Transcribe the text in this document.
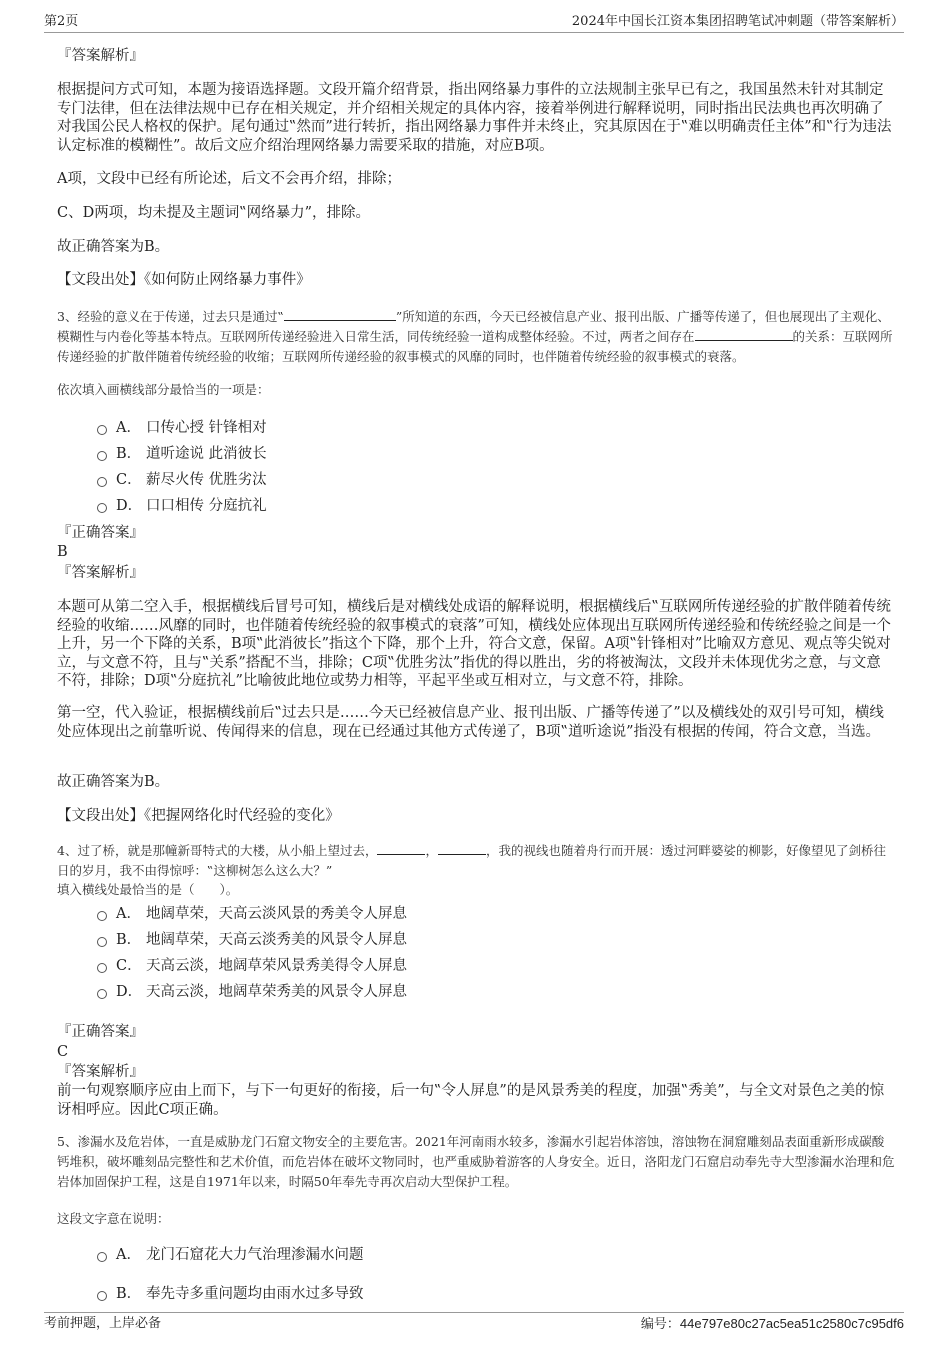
第2页	2024年中国长江资本集团招聘笔试冲刺题（带答案解析）
『答案解析』
根据提问方式可知，本题为接语选择题。文段开篇介绍背景，指出网络暴力事件的立法规制主张早已有之，我国虽然未针对其制定专门法律，但在法律法规中已存在相关规定，并介绍相关规定的具体内容，接着举例进行解释说明，同时指出民法典也再次明确了对我国公民人格权的保护。尾句通过‟然而”进行转折，指出网络暴力事件并未终止，究其原因在于‟难以明确责任主体”和‟行为违法认定标准的模糊性”。故后文应介绍治理网络暴力需要采取的措施，对应B项。
A项，文段中已经有所论述，后文不会再介绍，排除；
C、D两项，均未提及主题词‟网络暴力”，排除。
故正确答案为B。
【文段出处】《如何防止网络暴力事件》
3、经验的意义在于传递，过去只是通过‟	”所知道的东西，今天已经被信息产业、报刊出版、广播等传递了，但也展现出了主观化、模糊性与内卷化等基本特点。互联网所传递经验进入日常生活，同传统经验一道构成整体经验。不过，两者之间存在	的关系：互联网所传递经验的扩散伴随着传统经验的收缩；互联网所传递经验的叙事模式的风靡的同时，也伴随着传统经验的叙事模式的衰落。
依次填入画横线部分最恰当的一项是：
A． 口传心授 针锋相对
B． 道听途说 此消彼长
C． 薪尽火传 优胜劣汰
D． 口口相传 分庭抗礼
『正确答案』
B
『答案解析』
本题可从第二空入手，根据横线后冒号可知，横线后是对横线处成语的解释说明，根据横线后‟互联网所传递经验的扩散伴随着传统经验的收缩……风靡的同时，也伴随着传统经验的叙事模式的衰落”可知，横线处应体现出互联网所传递经验和传统经验之间是一个上升，另一个下降的关系，B项‟此消彼长”指这个下降，那个上升，符合文意，保留。A项‟针锋相对”比喻双方意见、观点等尖锐对立，与文意不符，且与‟关系”搭配不当，排除；C项‟优胜劣汰”指优的得以胜出，劣的将被淘汰，文段并未体现优劣之意，与文意不符，排除；D项‟分庭抗礼”比喻彼此地位或势力相等，平起平坐或互相对立，与文意不符，排除。
第一空，代入验证，根据横线前后‟过去只是……今天已经被信息产业、报刊出版、广播等传递了”以及横线处的双引号可知，横线处应体现出之前靠听说、传闻得来的信息，现在已经通过其他方式传递了，B项‟道听途说”指没有根据的传闻，符合文意，当选。
故正确答案为B。
【文段出处】《把握网络化时代经验的变化》
4、过了桥，就是那幢新哥特式的大楼，从小船上望过去，	，	，我的视线也随着舟行而开展：透过河畔婆娑的柳影，好像望见了剑桥往日的岁月，我不由得惊呼：‟这柳树怎么这么大？”
填入横线处最恰当的是（　　）。
A． 地阔草荣，天高云淡风景的秀美令人屏息
B． 地阔草荣，天高云淡秀美的风景令人屏息
C． 天高云淡，地阔草荣风景秀美得令人屏息
D． 天高云淡，地阔草荣秀美的风景令人屏息
『正确答案』
C
『答案解析』
前一句观察顺序应由上而下，与下一句更好的衔接，后一句‟令人屏息”的是风景秀美的程度，加强‟秀美”，与全文对景色之美的惊讶相呼应。因此C项正确。
5、渗漏水及危岩体，一直是威胁龙门石窟文物安全的主要危害。2021年河南雨水较多，渗漏水引起岩体溶蚀，溶蚀物在洞窟雕刻品表面重新形成碳酸钙堆积，破坏雕刻品完整性和艺术价值，而危岩体在破坏文物同时，也严重威胁着游客的人身安全。近日，洛阳龙门石窟启动奉先寺大型渗漏水治理和危岩体加固保护工程，这是自1971年以来，时隔50年奉先寺再次启动大型保护工程。
这段文字意在说明：
A． 龙门石窟花大力气治理渗漏水问题
B． 奉先寺多重问题均由雨水过多导致
考前押题，上岸必备	编号：44e797e80c27ac5ea51c2580c7c95df6
